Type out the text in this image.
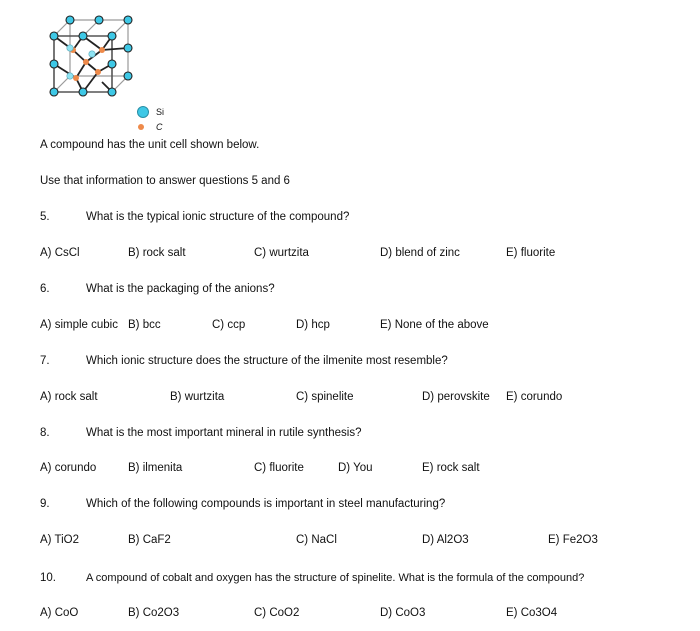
Si
C
A compound has the unit cell shown below.
Use that information to answer questions 5 and 6
5.	What is the typical ionic structure of the compound?
A) CsCl	B) rock salt	C) wurtzita	D) blend of zinc	E) fluorite
6.	What is the packaging of the anions?
A) simple cubic B) bcc	C) ccp	D) hcp	E) None of the above
7.	Which ionic structure does the structure of the ilmenite most resemble?
A) rock salt	B) wurtzita	C) spinelite	D) perovskite E) corundo
8.	What is the most important mineral in rutile synthesis?
A) corundo	B) ilmenita	C) fluorite	D) You	E) rock salt
9.	Which of the following compounds is important in steel manufacturing?
A) TiO2	B) CaF2	C) NaCl	D) Al2O3	E) Fe2O3
10.	A compound of cobalt and oxygen has the structure of spinelite. What is the formula of the compound?
A) CoO	B) Co2O3	C) CoO2	D) CoO3	E) Co3O4
